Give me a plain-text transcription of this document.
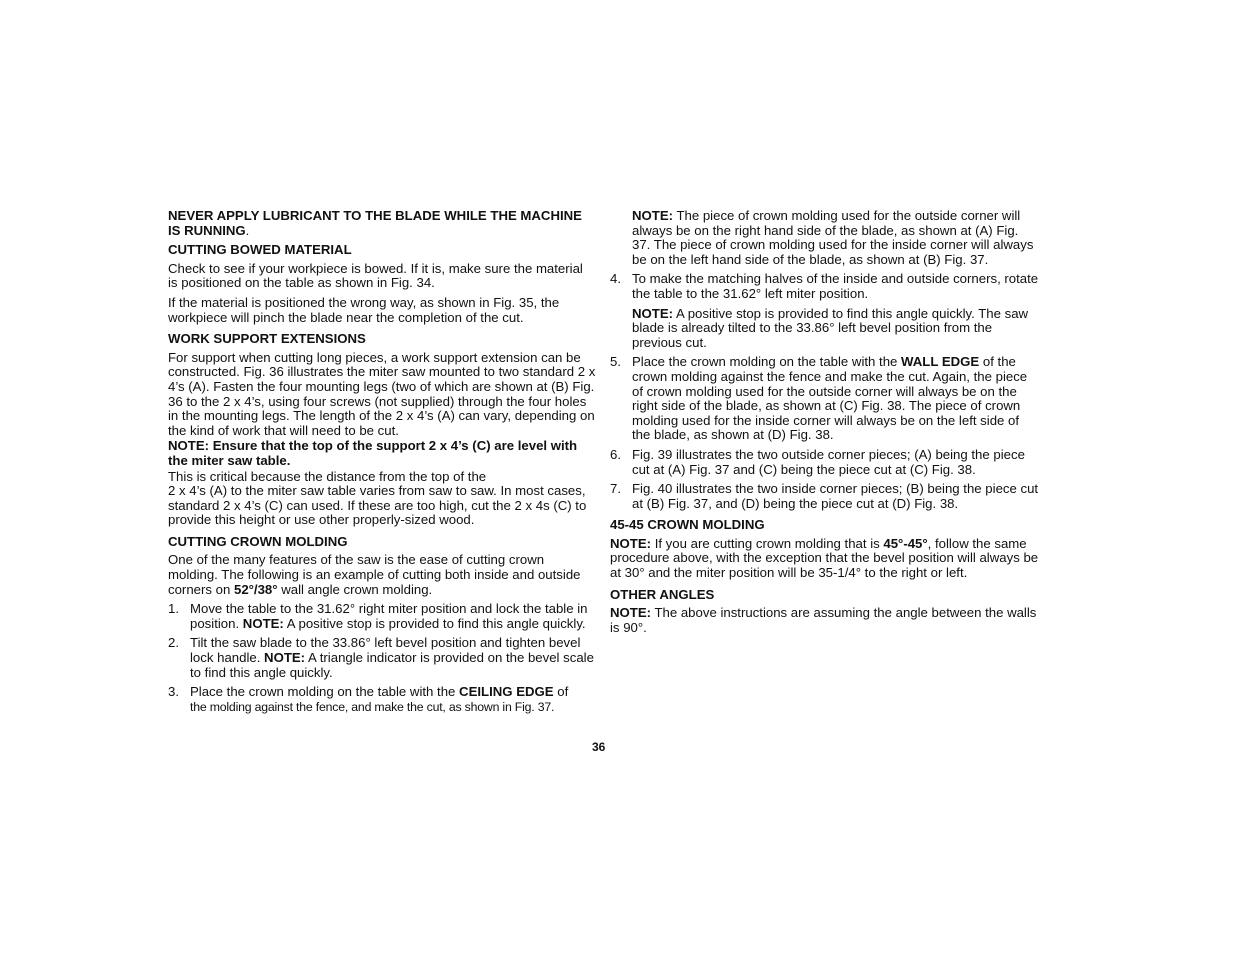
NEVER APPLY LUBRICANT TO THE BLADE WHILE THE MACHINE IS RUNNING.

CUTTING BOWED MATERIAL

Check to see if your workpiece is bowed. If it is, make sure the material is positioned on the table as shown in Fig. 34.

If the material is positioned the wrong way, as shown in Fig. 35, the workpiece will pinch the blade near the completion of the cut.

WORK SUPPORT EXTENSIONS

For support when cutting long pieces, a work support extension can be constructed. Fig. 36 illustrates the miter saw mounted to two standard 2 x 4’s (A). Fasten the four mounting legs (two of which are shown at (B) Fig. 36 to the 2 x 4’s, using four screws (not supplied) through the four holes in the mounting legs. The length of the 2 x 4’s (A) can vary, depending on the kind of work that will need to be cut.

NOTE: Ensure that the top of the support 2 x 4’s (C) are level with the miter saw table.

This is critical because the distance from the top of the
2 x 4’s (A) to the miter saw table varies from saw to saw. In most cases, standard 2 x 4’s (C) can used. If these are too high, cut the 2 x 4s (C) to provide this height or use other properly-sized wood.

CUTTING CROWN MOLDING

One of the many features of the saw is the ease of cutting crown molding. The following is an example of cutting both inside and outside corners on 52°/38° wall angle crown molding.

1. Move the table to the 31.62° right miter position and lock the table in position. NOTE: A positive stop is provided to find this angle quickly.
2. Tilt the saw blade to the 33.86° left bevel position and tighten bevel lock handle. NOTE: A triangle indicator is provided on the bevel scale to find this angle quickly.
3. Place the crown molding on the table with the CEILING EDGE of
the molding against the fence, and make the cut, as shown in Fig. 37.

NOTE: The piece of crown molding used for the outside corner will always be on the right hand side of the blade, as shown at (A) Fig. 37. The piece of crown molding used for the inside corner will always be on the left hand side of the blade, as shown at (B) Fig. 37.

4. To make the matching halves of the inside and outside corners, rotate the table to the 31.62° left miter position.

NOTE: A positive stop is provided to find this angle quickly. The saw blade is already tilted to the 33.86° left bevel position from the previous cut.

5. Place the crown molding on the table with the WALL EDGE of the crown molding against the fence and make the cut. Again, the piece of crown molding used for the outside corner will always be on the right side of the blade, as shown at (C) Fig. 38. The piece of crown molding used for the inside corner will always be on the left side of the blade, as shown at (D) Fig. 38.
6. Fig. 39 illustrates the two outside corner pieces; (A) being the piece cut at (A) Fig. 37 and (C) being the piece cut at (C) Fig. 38.
7. Fig. 40 illustrates the two inside corner pieces; (B) being the piece cut at (B) Fig. 37, and (D) being the piece cut at (D) Fig. 38.

45-45 CROWN MOLDING

NOTE: If you are cutting crown molding that is 45°-45°, follow the same procedure above, with the exception that the bevel position will always be at 30° and the miter position will be 35-1/4° to the right or left.

OTHER ANGLES

NOTE: The above instructions are assuming the angle between the walls is 90°.

36
